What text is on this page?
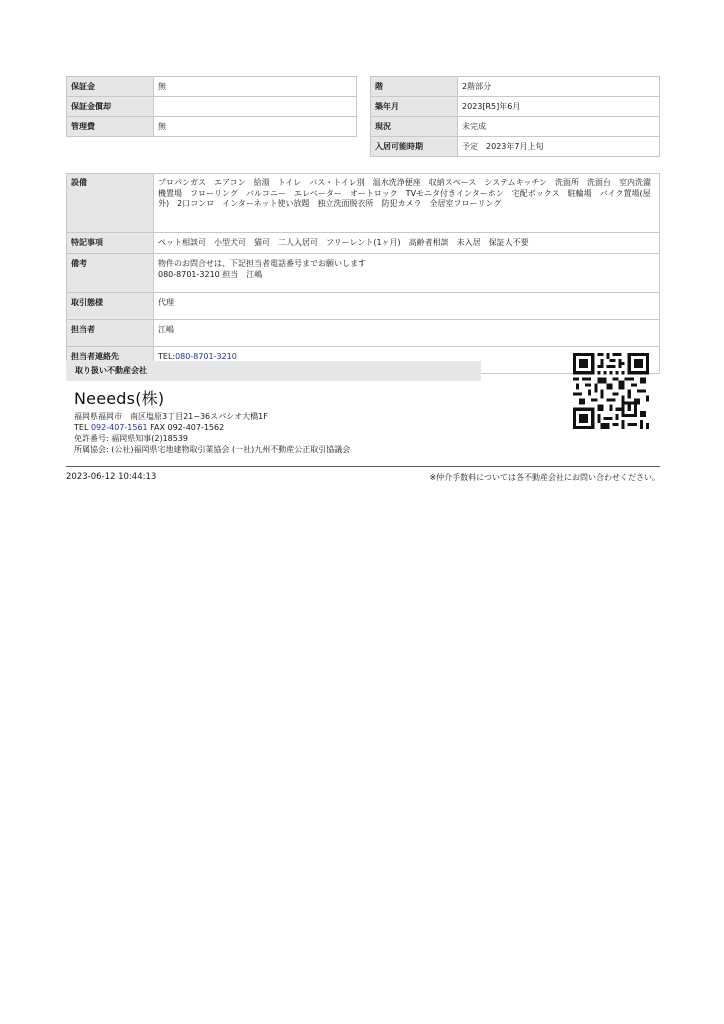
保証金	無
保証金償却	
管理費	無
階	2階部分
築年月	2023[R5]年6月
現況	未完成
入居可能時期	予定　2023年7月上旬
設備	プロパンガス　エアコン　給湯　トイレ　バス・トイレ別　温水洗浄便座　収納スペース　システムキッチン　洗面所　洗面台　室内洗濯機置場　フローリング　バルコニー　エレベーター　オートロック　TVモニタ付きインターホン　宅配ボックス　駐輪場　バイク置場(屋外)　2口コンロ　インターネット使い放題　独立洗面脱衣所　防犯カメラ　全居室フローリング
特記事項	ペット相談可　小型犬可　猫可　二人入居可　フリーレント(1ヶ月)　高齢者相談　未入居　保証人不要
備考	物件のお問合せは、下記担当者電話番号までお願いします
080-8701-3210 担当　江嶋

取引態様	代理
担当者	江嶋
担当者連絡先	TEL:080-8701-3210
取り扱い不動産会社
Neeeds(株)
福岡県福岡市　南区塩原3丁目21−36スパシオ大橋1F
TEL 092-407-1561 FAX 092-407-1562
免許番号: 福岡県知事(2)18539
所属協会: (公社)福岡県宅地建物取引業協会 (一社)九州不動産公正取引協議会
2023-06-12 10:44:13	※仲介手数料については各不動産会社にお問い合わせください。
